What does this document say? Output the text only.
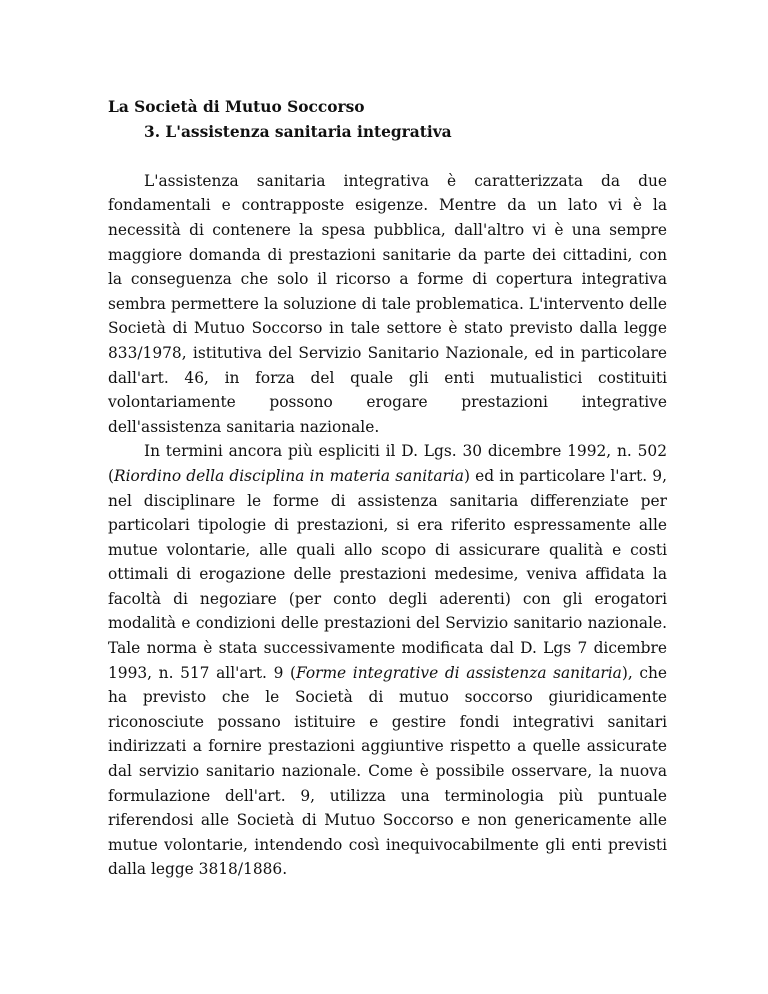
La Società di Mutuo Soccorso
3. L'assistenza sanitaria integrativa

L'assistenza sanitaria integrativa è caratterizzata da due fondamentali e contrapposte esigenze. Mentre da un lato vi è la necessità di contenere la spesa pubblica, dall'altro vi è una sempre maggiore domanda di prestazioni sanitarie da parte dei cittadini, con la conseguenza che solo il ricorso a forme di copertura integrativa sembra permettere la soluzione di tale problematica. L'intervento delle Società di Mutuo Soccorso in tale settore è stato previsto dalla legge 833/1978, istitutiva del Servizio Sanitario Nazionale, ed in particolare dall'art. 46, in forza del quale gli enti mutualistici costituiti volontariamente possono erogare prestazioni integrative dell'assistenza sanitaria nazionale.

In termini ancora più espliciti il D. Lgs. 30 dicembre 1992, n. 502 (Riordino della disciplina in materia sanitaria) ed in particolare l'art. 9, nel disciplinare le forme di assistenza sanitaria differenziate per particolari tipologie di prestazioni, si era riferito espressamente alle mutue volontarie, alle quali allo scopo di assicurare qualità e costi ottimali di erogazione delle prestazioni medesime, veniva affidata la facoltà di negoziare (per conto degli aderenti) con gli erogatori modalità e condizioni delle prestazioni del Servizio sanitario nazionale. Tale norma è stata successivamente modificata dal D. Lgs 7 dicembre 1993, n. 517 all'art. 9 (Forme integrative di assistenza sanitaria), che ha previsto che le Società di mutuo soccorso giuridicamente riconosciute possano istituire e gestire fondi integrativi sanitari indirizzati a fornire prestazioni aggiuntive rispetto a quelle assicurate dal servizio sanitario nazionale. Come è possibile osservare, la nuova formulazione dell'art. 9, utilizza una terminologia più puntuale riferendosi alle Società di Mutuo Soccorso e non genericamente alle mutue volontarie, intendendo così inequivocabilmente gli enti previsti dalla legge 3818/1886.
